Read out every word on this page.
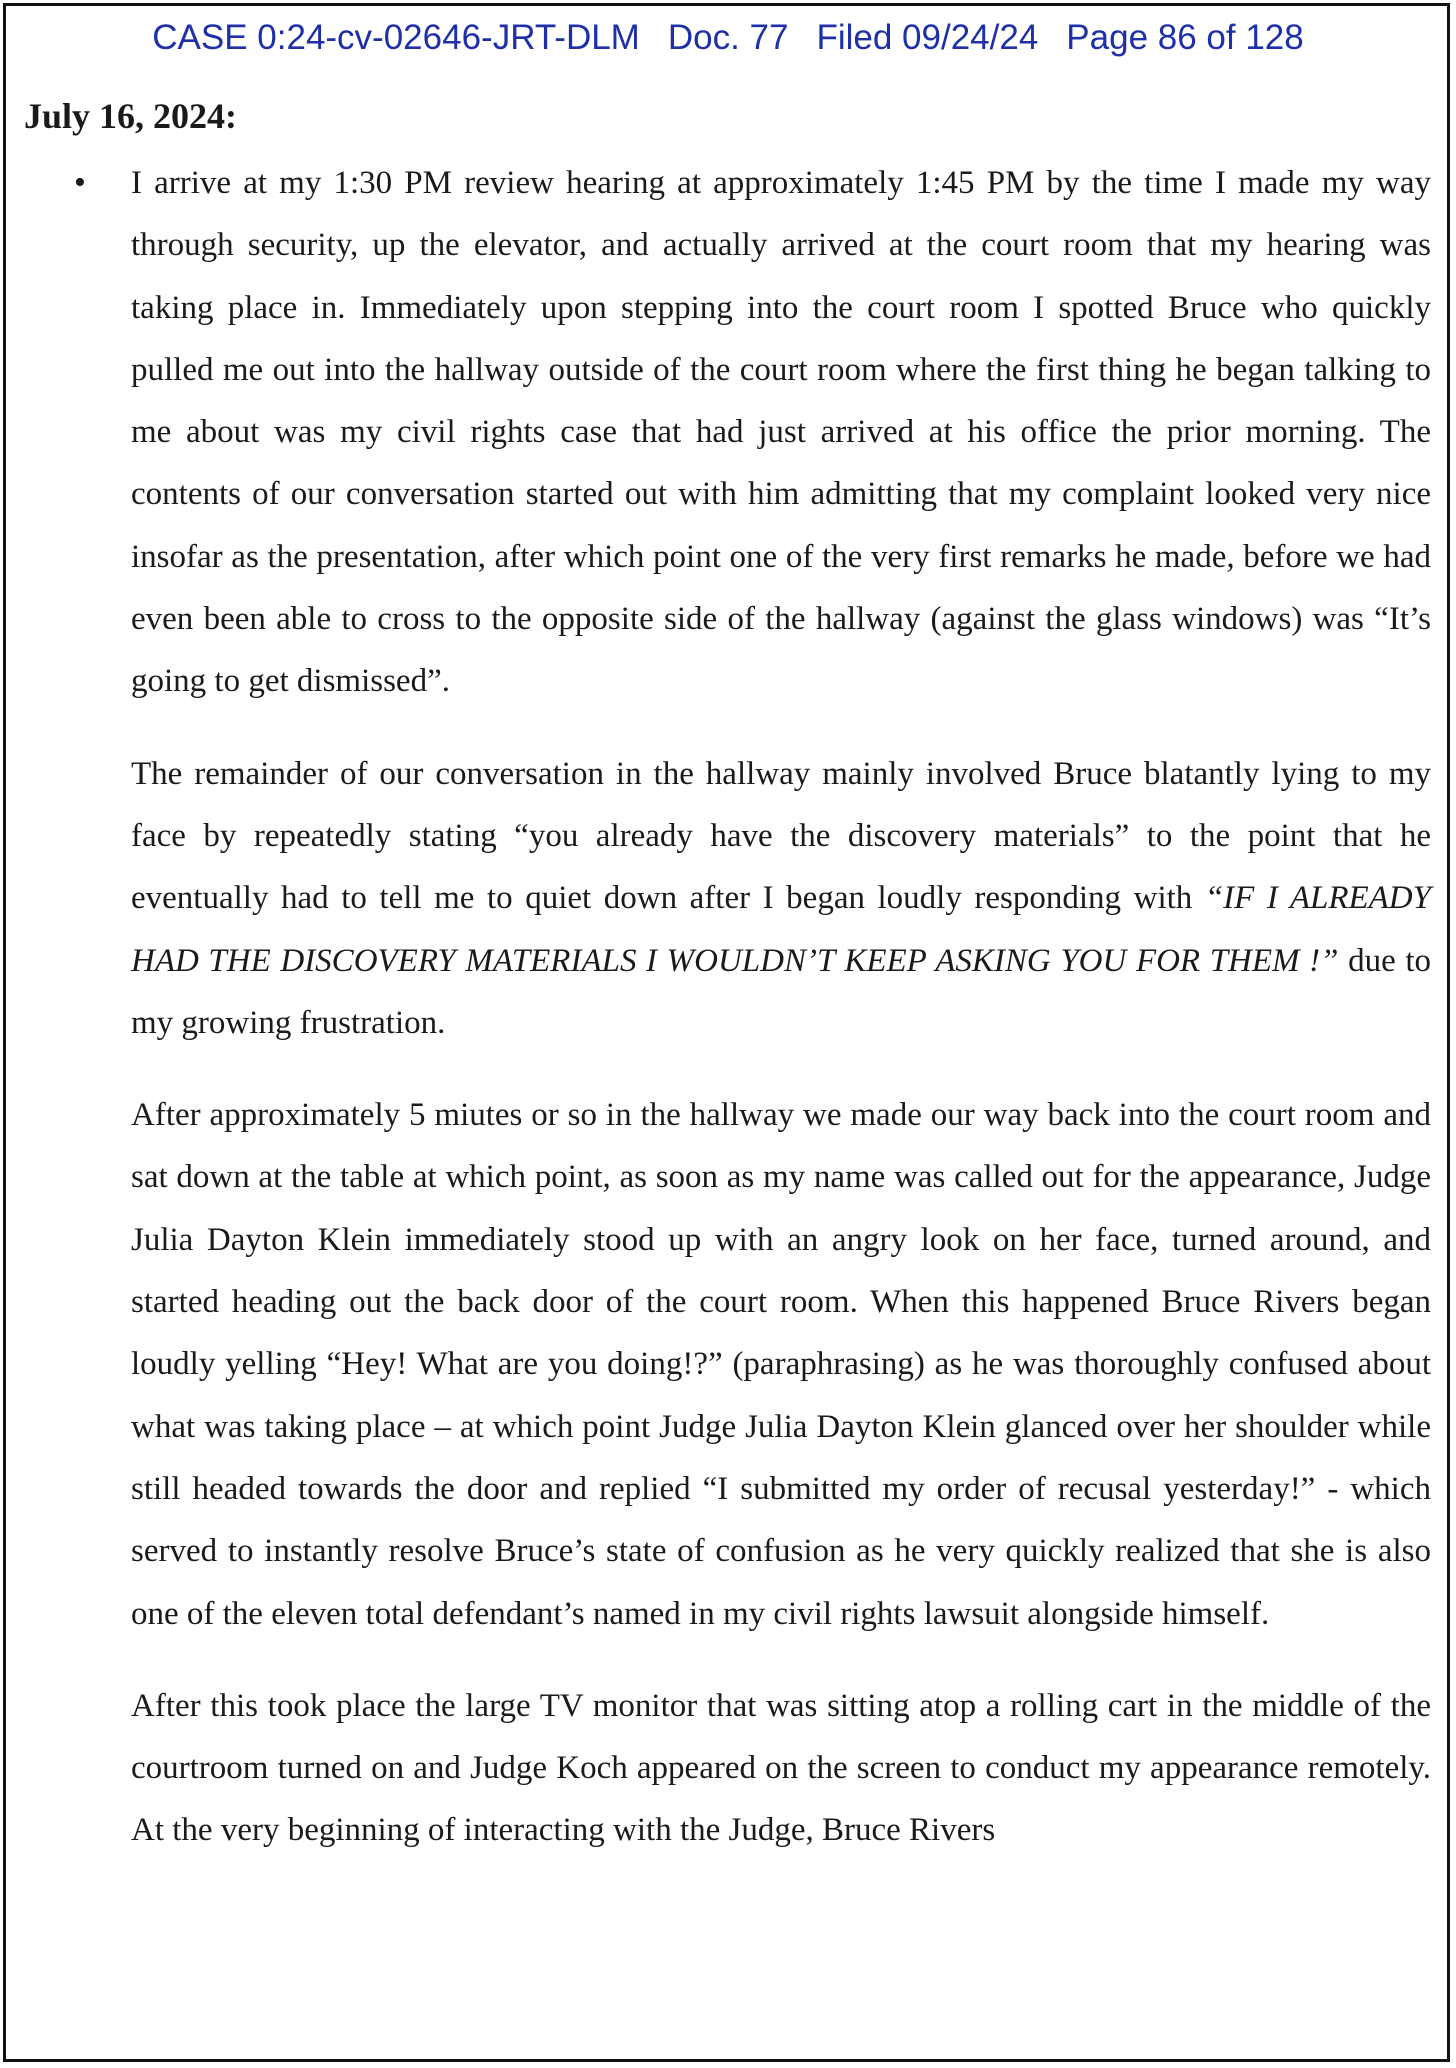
CASE 0:24-cv-02646-JRT-DLM Doc. 77 Filed 09/24/24 Page 86 of 128
July 16, 2024:
• I arrive at my 1:30 PM review hearing at approximately 1:45 PM by the time I made my way through security, up the elevator, and actually arrived at the court room that my hearing was taking place in. Immediately upon stepping into the court room I spotted Bruce who quickly pulled me out into the hallway outside of the court room where the first thing he began talking to me about was my civil rights case that had just arrived at his office the prior morning. The contents of our conversation started out with him admitting that my complaint looked very nice insofar as the presentation, after which point one of the very first remarks he made, before we had even been able to cross to the opposite side of the hallway (against the glass windows) was “It’s going to get dismissed”.

The remainder of our conversation in the hallway mainly involved Bruce blatantly lying to my face by repeatedly stating “you already have the discovery materials” to the point that he eventually had to tell me to quiet down after I began loudly responding with “IF I ALREADY HAD THE DISCOVERY MATERIALS I WOULDN’T KEEP ASKING YOU FOR THEM !” due to my growing frustration.

After approximately 5 miutes or so in the hallway we made our way back into the court room and sat down at the table at which point, as soon as my name was called out for the appearance, Judge Julia Dayton Klein immediately stood up with an angry look on her face, turned around, and started heading out the back door of the court room. When this happened Bruce Rivers began loudly yelling “Hey! What are you doing!?” (paraphrasing) as he was thoroughly confused about what was taking place – at which point Judge Julia Dayton Klein glanced over her shoulder while still headed towards the door and replied “I submitted my order of recusal yesterday!” - which served to instantly resolve Bruce’s state of confusion as he very quickly realized that she is also one of the eleven total defendant’s named in my civil rights lawsuit alongside himself.

After this took place the large TV monitor that was sitting atop a rolling cart in the middle of the courtroom turned on and Judge Koch appeared on the screen to conduct my appearance remotely. At the very beginning of interacting with the Judge, Bruce Rivers
